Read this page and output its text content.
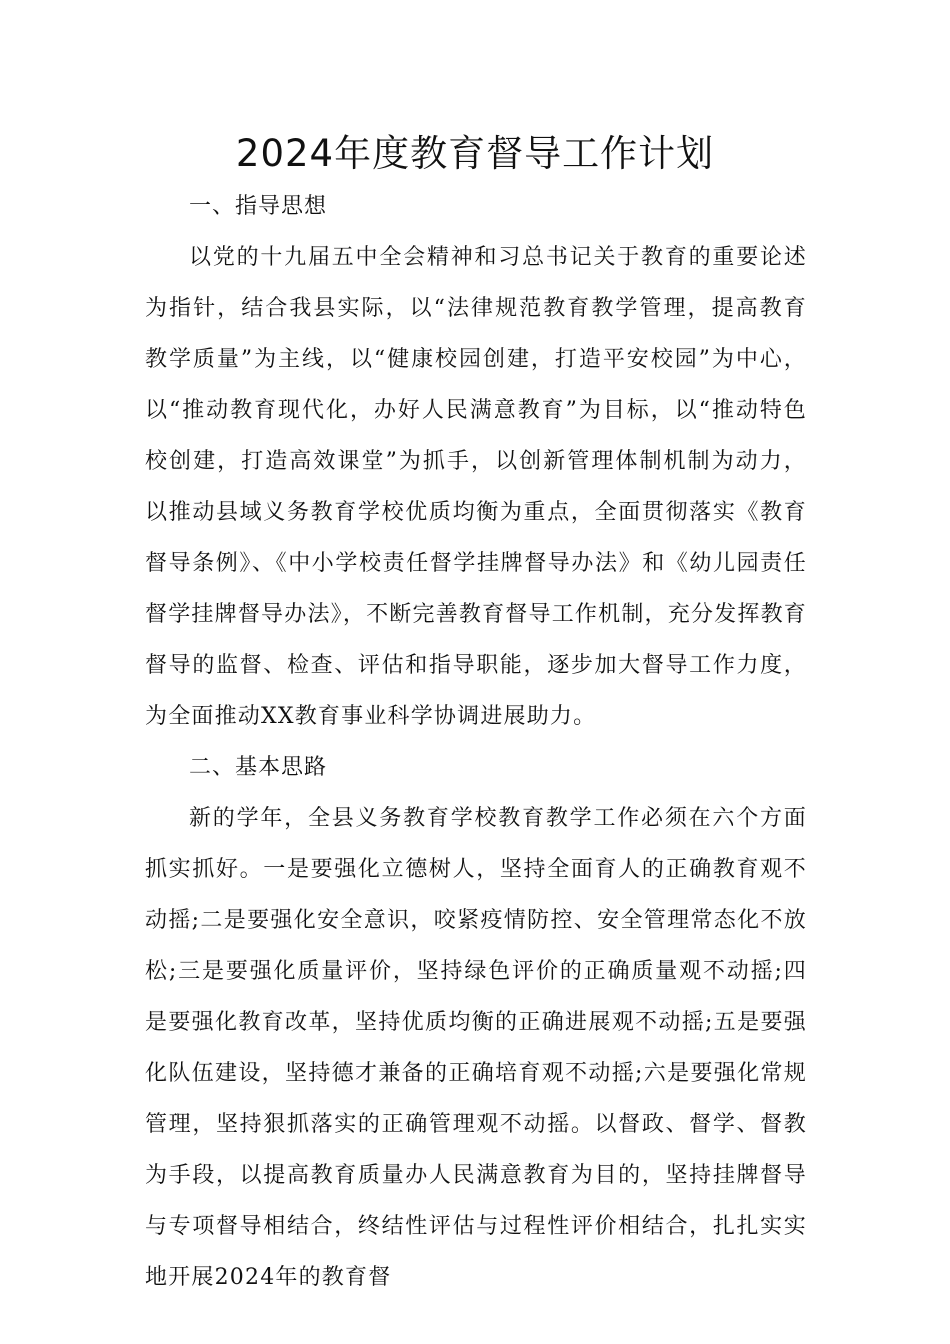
2024年度教育督导工作计划

一、指导思想

以党的十九届五中全会精神和习总书记关于教育的重要论述为指针，结合我县实际，以“法律规范教育教学管理，提高教育教学质量”为主线，以“健康校园创建，打造平安校园”为中心，以“推动教育现代化，办好人民满意教育”为目标，以“推动特色校创建，打造高效课堂”为抓手，以创新管理体制机制为动力，以推动县域义务教育学校优质均衡为重点，全面贯彻落实《教育督导条例》、《中小学校责任督学挂牌督导办法》和《幼儿园责任督学挂牌督导办法》，不断完善教育督导工作机制，充分发挥教育督导的监督、检查、评估和指导职能，逐步加大督导工作力度，为全面推动XX教育事业科学协调进展助力。

二、基本思路

新的学年，全县义务教育学校教育教学工作必须在六个方面抓实抓好。一是要强化立德树人，坚持全面育人的正确教育观不动摇;二是要强化安全意识，咬紧疫情防控、安全管理常态化不放松;三是要强化质量评价，坚持绿色评价的正确质量观不动摇;四是要强化教育改革，坚持优质均衡的正确进展观不动摇;五是要强化队伍建设，坚持德才兼备的正确培育观不动摇;六是要强化常规管理，坚持狠抓落实的正确管理观不动摇。以督政、督学、督教为手段，以提高教育质量办人民满意教育为目的，坚持挂牌督导与专项督导相结合，终结性评估与过程性评价相结合，扎扎实实地开展2024年的教育督
